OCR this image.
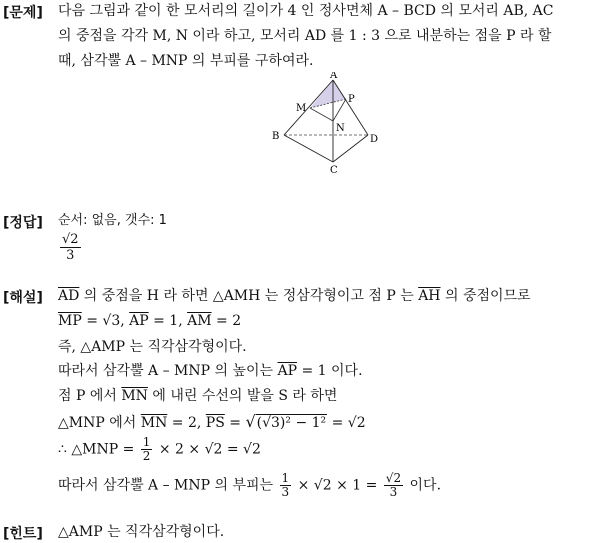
[문제] 다음 그림과 같이 한 모서리의 길이가 4 인 정사면체 A – BCD 의 모서리 AB, AC
의 중점을 각각 M, N 이라 하고, 모서리 AD 를 1 : 3 으로 내분하는 점을 P 라 할
때, 삼각뿔 A – MNP 의 부피를 구하여라.
A
M
P
N
B	D
C
[정답] 순서: 없음, 갯수: 1
$\frac{√2}{3}$
[해설] $\overline{AD}$ 의 중점을 H 라 하면 △AMH 는 정삼각형이고 점 P 는 $\overline{AH}$ 의 중점이므로
$\overline{MP} = √3$, $\overline{AP} = 1$, $\overline{AM} = 2$
즉, △AMP 는 직각삼각형이다.
따라서 삼각뿔 A – MNP 의 높이는 $\overline{AP} = 1$ 이다.
점 P 에서 $\overline{MN}$ 에 내린 수선의 발을 S 라 하면
△MNP 에서 $\overline{MN} = 2$, $\overline{PS} = √(√3)^2 - 1^2 = √2$
∴ △MNP = $\frac{1}{2} \times 2 \times √2 = √2$
따라서 삼각뿔 A – MNP 의 부피는 $\frac{1}{3} \times √2 \times 1 = \frac{√2}{3}$ 이다.
[힌트] △AMP 는 직각삼각형이다.
